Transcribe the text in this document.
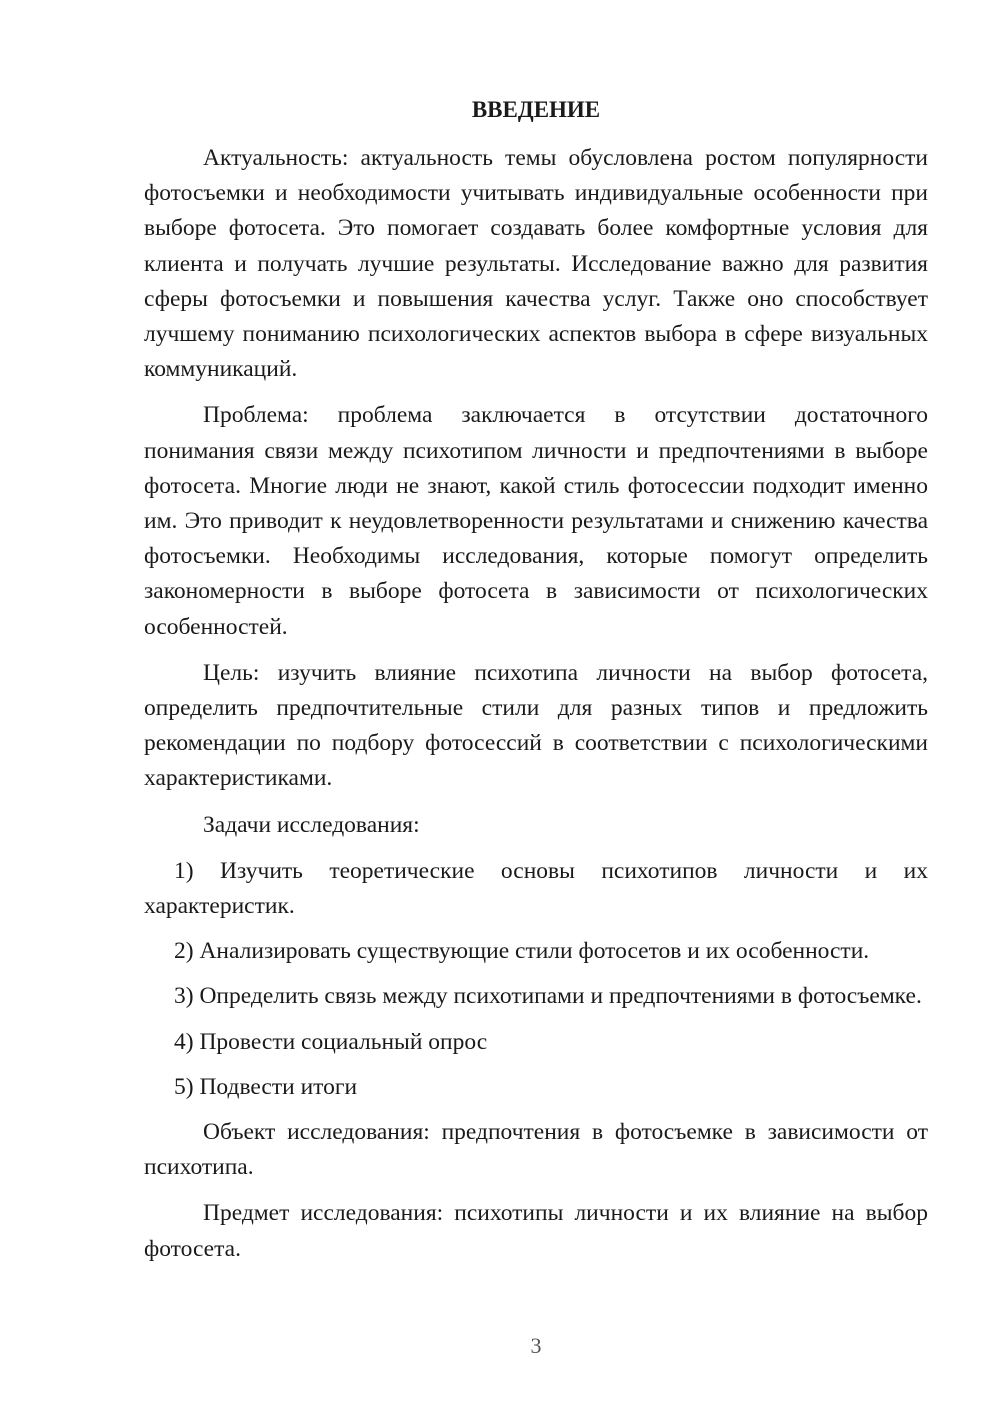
ВВЕДЕНИЕ

Актуальность: актуальность темы обусловлена ростом популярности фотосъемки и необходимости учитывать индивидуальные особенности при выборе фотосета. Это помогает создавать более комфортные условия для клиента и получать лучшие результаты. Исследование важно для развития сферы фотосъемки и повышения качества услуг. Также оно способствует лучшему пониманию психологических аспектов выбора в сфере визуальных коммуникаций.

Проблема: проблема заключается в отсутствии достаточного понимания связи между психотипом личности и предпочтениями в выборе фотосета. Многие люди не знают, какой стиль фотосессии подходит именно им. Это приводит к неудовлетворенности результатами и снижению качества фотосъемки. Необходимы исследования, которые помогут определить закономерности в выборе фотосета в зависимости от психологических особенностей.

Цель: изучить влияние психотипа личности на выбор фотосета, определить предпочтительные стили для разных типов и предложить рекомендации по подбору фотосессий в соответствии с психологическими характеристиками.

Задачи исследования:

1) Изучить теоретические основы психотипов личности и их характеристик.

2) Анализировать существующие стили фотосетов и их особенности.

3) Определить связь между психотипами и предпочтениями в фотосъемке.

4) Провести социальный опрос

5) Подвести итоги

Объект исследования: предпочтения в фотосъемке в зависимости от психотипа.

Предмет исследования: психотипы личности и их влияние на выбор фотосета.

3
